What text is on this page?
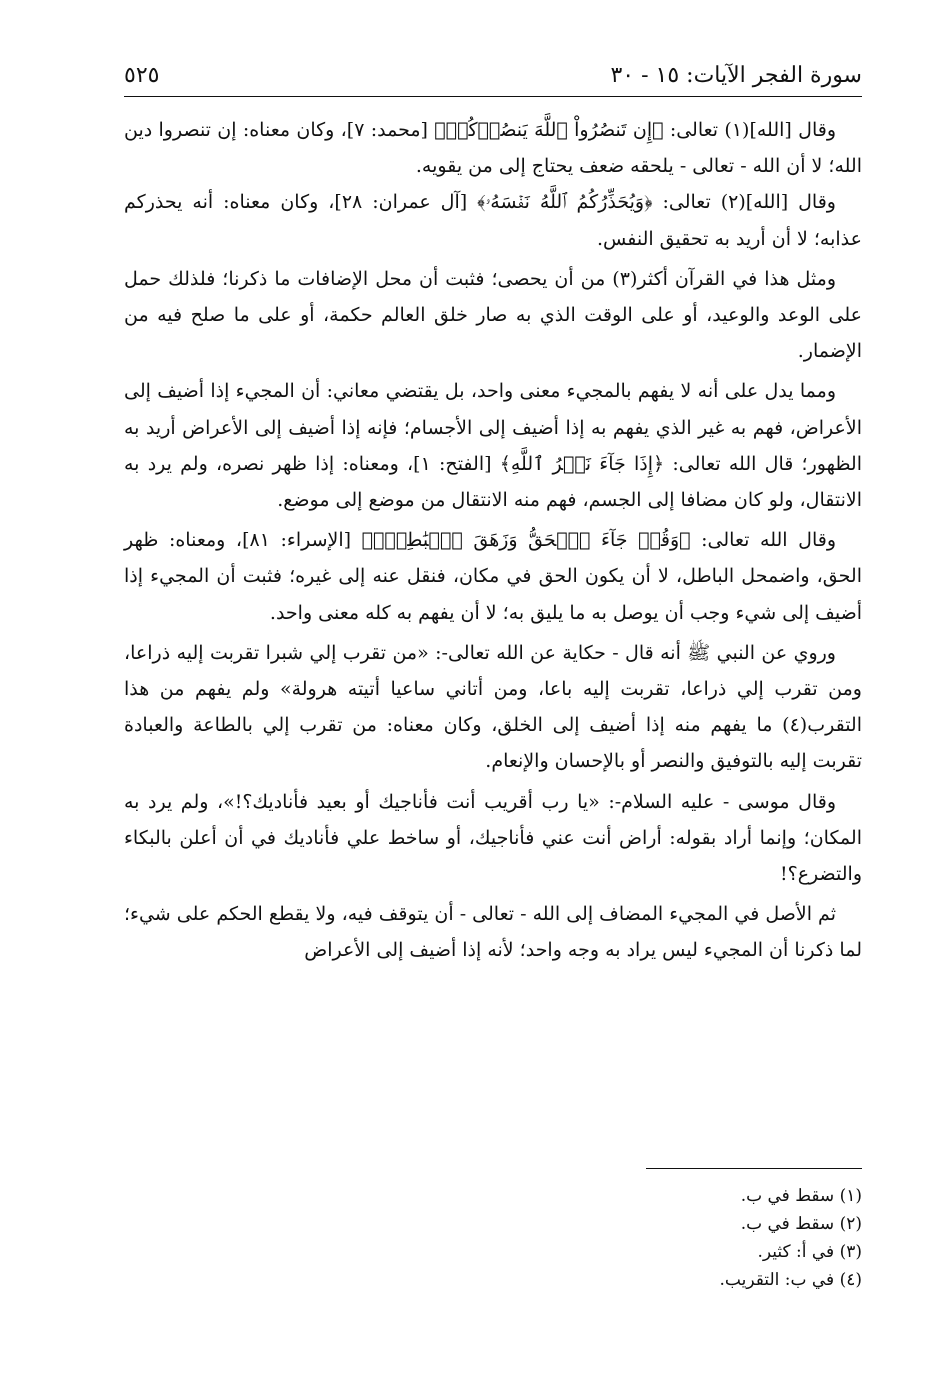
سورة الفجر الآيات: ١٥ - ٣٠
٥٢٥

وقال [الله](١) تعالى: ﴿إِن تَنصُرُواْ ٱللَّهَ يَنصُرۡكُمۡ﴾ [محمد: ٧]، وكان معناه: إن تنصروا دين الله؛ لا أن الله - تعالى - يلحقه ضعف يحتاج إلى من يقويه.

وقال [الله](٢) تعالى: ﴿وَيُحَذِّرُكُمُ ٱللَّهُ نَفۡسَهُۥ﴾ [آل عمران: ٢٨]، وكان معناه: أنه يحذركم عذابه؛ لا أن أريد به تحقيق النفس.

ومثل هذا في القرآن أكثر(٣) من أن يحصى؛ فثبت أن محل الإضافات ما ذكرنا؛ فلذلك حمل على الوعد والوعيد، أو على الوقت الذي به صار خلق العالم حكمة، أو على ما صلح فيه من الإضمار.

ومما يدل على أنه لا يفهم بالمجيء معنى واحد، بل يقتضي معاني: أن المجيء إذا أضيف إلى الأعراض، فهم به غير الذي يفهم به إذا أضيف إلى الأجسام؛ فإنه إذا أضيف إلى الأعراض أريد به الظهور؛ قال الله تعالى: ﴿إِذَا جَآءَ نَصۡرُ ٱللَّهِ﴾ [الفتح: ١]، ومعناه: إذا ظهر نصره، ولم يرد به الانتقال، ولو كان مضافا إلى الجسم، فهم منه الانتقال من موضع إلى موضع.

وقال الله تعالى: ﴿وَقُلۡ جَآءَ ٱلۡحَقُّ وَزَهَقَ ٱلۡبَٰطِلُۚ﴾ [الإسراء: ٨١]، ومعناه: ظهر الحق، واضمحل الباطل، لا أن يكون الحق في مكان، فنقل عنه إلى غيره؛ فثبت أن المجيء إذا أضيف إلى شيء وجب أن يوصل به ما يليق به؛ لا أن يفهم به كله معنى واحد.

وروي عن النبي ﷺ أنه قال - حكاية عن الله تعالى-: «من تقرب إلي شبرا تقربت إليه ذراعا، ومن تقرب إلي ذراعا، تقربت إليه باعا، ومن أتاني ساعيا أتيته هرولة» ولم يفهم من هذا التقرب(٤) ما يفهم منه إذا أضيف إلى الخلق، وكان معناه: من تقرب إلي بالطاعة والعبادة تقربت إليه بالتوفيق والنصر أو بالإحسان والإنعام.

وقال موسى - عليه السلام-: «يا رب أقريب أنت فأناجيك أو بعيد فأناديك؟!»، ولم يرد به المكان؛ وإنما أراد بقوله: أراض أنت عني فأناجيك، أو ساخط علي فأناديك في أن أعلن بالبكاء والتضرع؟!

ثم الأصل في المجيء المضاف إلى الله - تعالى - أن يتوقف فيه، ولا يقطع الحكم على شيء؛ لما ذكرنا أن المجيء ليس يراد به وجه واحد؛ لأنه إذا أضيف إلى الأعراض

(١) سقط في ب.
(٢) سقط في ب.
(٣) في أ: كثير.
(٤) في ب: التقريب.
